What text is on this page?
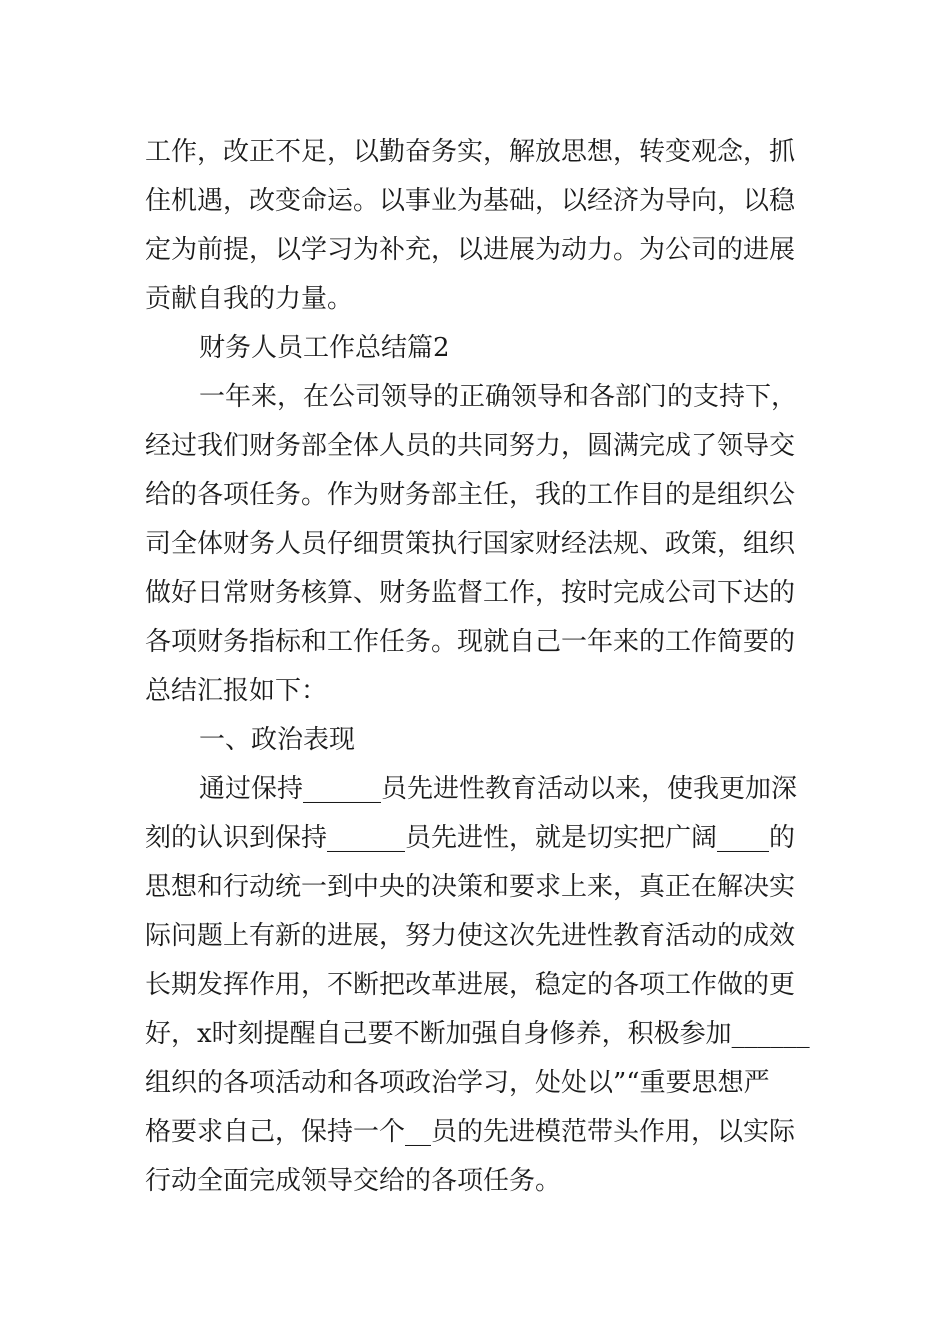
工作，改正不足，以勤奋务实，解放思想，转变观念，抓
住机遇，改变命运。以事业为基础，以经济为导向，以稳
定为前提，以学习为补充，以进展为动力。为公司的进展
贡献自我的力量。
财务人员工作总结篇2
一年来，在公司领导的正确领导和各部门的支持下，
经过我们财务部全体人员的共同努力，圆满完成了领导交
给的各项任务。作为财务部主任，我的工作目的是组织公
司全体财务人员仔细贯策执行国家财经法规、政策，组织
做好日常财务核算、财务监督工作，按时完成公司下达的
各项财务指标和工作任务。现就自己一年来的工作简要的
总结汇报如下：
一、政治表现
通过保持______员先进性教育活动以来，使我更加深
刻的认识到保持______员先进性，就是切实把广阔____的
思想和行动统一到中央的决策和要求上来，真正在解决实
际问题上有新的进展，努力使这次先进性教育活动的成效
长期发挥作用，不断把改革进展，稳定的各项工作做的更
好，x时刻提醒自己要不断加强自身修养，积极参加______
组织的各项活动和各项政治学习，处处以”“重要思想严
格要求自己，保持一个__员的先进模范带头作用，以实际
行动全面完成领导交给的各项任务。
